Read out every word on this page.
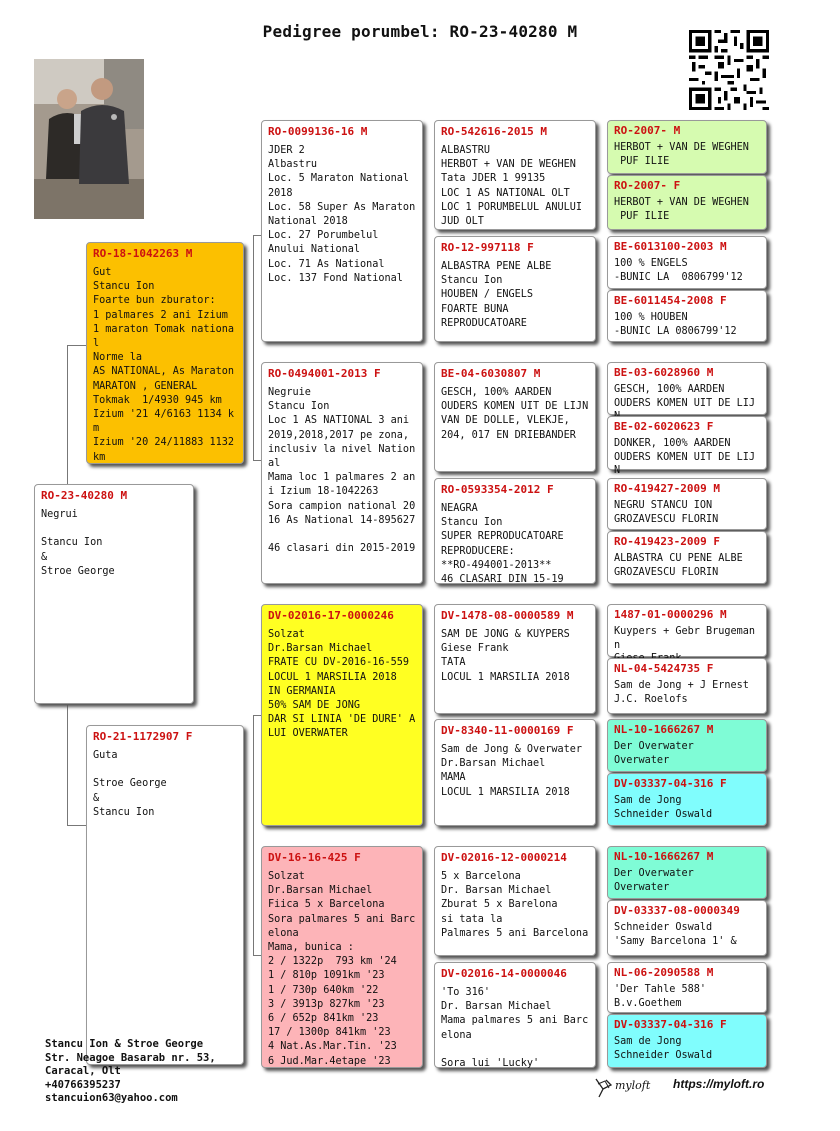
Pedigree porumbel: RO-23-40280 M
RO-23-40280 M
Negrui

Stancu Ion
&
Stroe George
RO-18-1042263 M
Gut
Stancu Ion
Foarte bun zburator:
1 palmares 2 ani Izium
1 maraton Tomak national
Norme la
AS NATIONAL, As Maraton
MARATON , GENERAL
Tokmak  1/4930 945 km
Izium '21 4/6163 1134 km
Izium '20 24/11883 1132
km
RO-21-1172907 F
Guta

Stroe George
&
Stancu Ion
RO-0099136-16 M
JDER 2
Albastru
Loc. 5 Maraton National
2018
Loc. 58 Super As Maraton
National 2018
Loc. 27 Porumbelul
Anului National
Loc. 71 As National
Loc. 137 Fond National
RO-0494001-2013 F
Negruie
Stancu Ion
Loc 1 AS NATIONAL 3 ani
2019,2018,2017 pe zona,
inclusiv la nivel Nation
al
Mama loc 1 palmares 2 an
i Izium 18-1042263
Sora campion national 20
16 As National 14-895627

46 clasari din 2015-2019
DV-02016-17-0000246
Solzat
Dr.Barsan Michael
FRATE CU DV-2016-16-559
LOCUL 1 MARSILIA 2018
IN GERMANIA
50% SAM DE JONG
DAR SI LINIA 'DE DURE' A
LUI OVERWATER
DV-16-16-425 F
Solzat
Dr.Barsan Michael
Fiica 5 x Barcelona
Sora palmares 5 ani Barc
elona
Mama, bunica :
2 / 1322p  793 km '24
1 / 810p 1091km '23
1 / 730p 640km '22
3 / 3913p 827km '23
6 / 652p 841km '23
17 / 1300p 841km '23
4 Nat.As.Mar.Tin. '23
6 Jud.Mar.4etape '23
RO-542616-2015 M
ALBASTRU
HERBOT + VAN DE WEGHEN
Tata JDER 1 99135
LOC 1 AS NATIONAL OLT
LOC 1 PORUMBELUL ANULUI
JUD OLT
RO-12-997118 F
ALBASTRA PENE ALBE
Stancu Ion
HOUBEN / ENGELS
FOARTE BUNA
REPRODUCATOARE
BE-04-6030807 M
GESCH, 100% AARDEN
OUDERS KOMEN UIT DE LIJN
VAN DE DOLLE, VLEKJE,
204, 017 EN DRIEBANDER
RO-0593354-2012 F
NEAGRA
Stancu Ion
SUPER REPRODUCATOARE
REPRODUCERE:
**RO-494001-2013**
46 CLASARI DIN 15-19
DV-1478-08-0000589 M
SAM DE JONG & KUYPERS
Giese Frank
TATA
LOCUL 1 MARSILIA 2018
DV-8340-11-0000169 F
Sam de Jong & Overwater
Dr.Barsan Michael
MAMA
LOCUL 1 MARSILIA 2018
DV-02016-12-0000214
5 x Barcelona
Dr. Barsan Michael
Zburat 5 x Barelona
si tata la
Palmares 5 ani Barcelona
DV-02016-14-0000046
'To 316'
Dr. Barsan Michael
Mama palmares 5 ani Barc
elona

Sora lui 'Lucky'
RO-2007- M
HERBOT + VAN DE WEGHEN
PUF ILIE
RO-2007- F
HERBOT + VAN DE WEGHEN
PUF ILIE
BE-6013100-2003 M
100 % ENGELS
-BUNIC LA  0806799'12
BE-6011454-2008 F
100 % HOUBEN
-BUNIC LA 0806799'12
BE-03-6028960 M
GESCH, 100% AARDEN
OUDERS KOMEN UIT DE LIJ
BE-02-6020623 F
DONKER, 100% AARDEN
OUDERS KOMEN UIT DE LIJN
RO-419427-2009 M
NEGRU STANCU ION
GROZAVESCU FLORIN
RO-419423-2009 F
ALBASTRA CU PENE ALBE
GROZAVESCU FLORIN
1487-01-0000296 M
Kuypers + Gebr Brugemann

NL-04-5424735 F
Sam de Jong + J Ernest
J.C. Roelofs
NL-10-1666267 M
Der Overwater
Overwater
DV-03337-04-316 F
Sam de Jong
Schneider Oswald
NL-10-1666267 M
Der Overwater
Overwater
DV-03337-08-0000349
Schneider Oswald
'Samy Barcelona 1' &
NL-06-2090588 M
'Der Tahle 588'
B.v.Goethem
DV-03337-04-316 F
Sam de Jong
Schneider Oswald
Stancu Ion & Stroe George
Str. Neagoe Basarab nr. 53,
Caracal, Olt
+40766395237
stancuion63@yahoo.com
myloft https://myloft.ro
